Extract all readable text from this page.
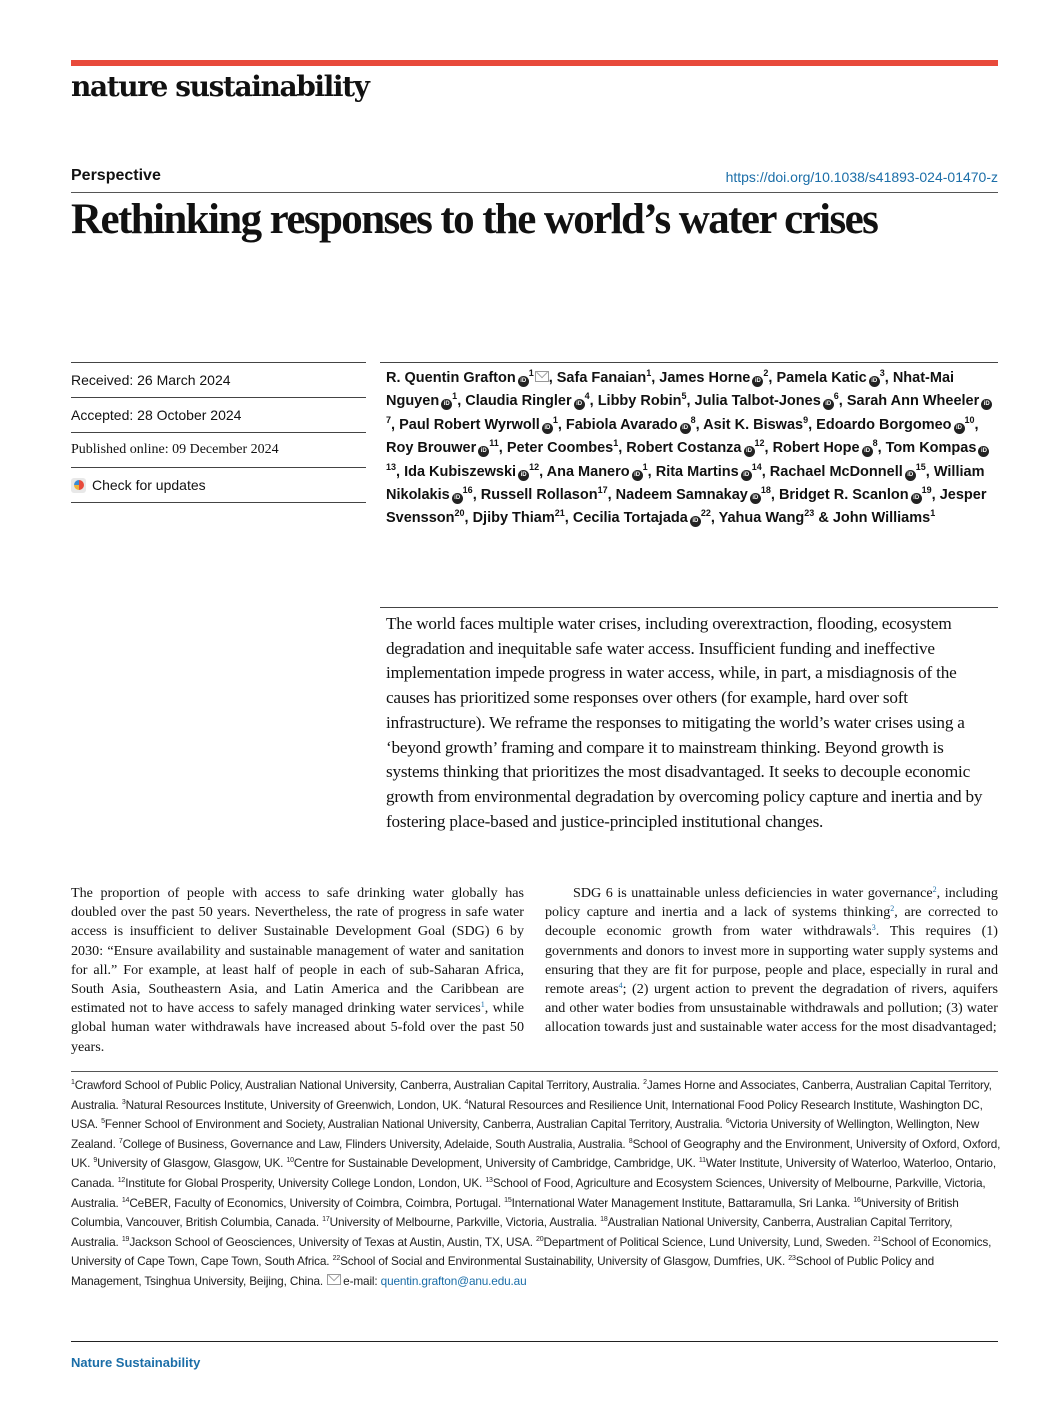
nature sustainability
Perspective	https://doi.org/10.1038/s41893-024-01470-z
Rethinking responses to the world’s water crises
Received: 26 March 2024
Accepted: 28 October 2024
Published online: 09 December 2024
Check for updates
R. Quentin Grafton $iD^1$ , Safa Fanaian$^1$, James Horne $iD^2$, Pamela Katic $iD^3$, Nhat-Mai Nguyen $iD^1$, Claudia Ringler $iD^4$, Libby Robin$^5$, Julia Talbot-Jones $iD^6$, Sarah Ann Wheeler $iD^7$, Paul Robert Wyrwoll $iD^1$, Fabiola Avarado $iD^8$, Asit K. Biswas$^9$, Edoardo Borgomeo $iD^{10}$, Roy Brouwer $iD^{11}$, Peter Coombes$^1$, Robert Costanza $iD^{12}$, Robert Hope $iD^8$, Tom Kompas $iD^{13}$, Ida Kubiszewski $iD^{12}$, Ana Manero $iD^1$, Rita Martins $iD^{14}$, Rachael McDonnell $iD^{15}$, William Nikolakis $iD^{16}$, Russell Rollason$^{17}$, Nadeem Samnakay $iD^{18}$, Bridget R. Scanlon $iD^{19}$, Jesper Svensson$^{20}$, Djiby Thiam$^{21}$, Cecilia Tortajada $iD^{22}$, Yahua Wang$^{23}$ & John Williams$^1$
The world faces multiple water crises, including overextraction, flooding, ecosystem degradation and inequitable safe water access. Insufficient funding and ineffective implementation impede progress in water access, while, in part, a misdiagnosis of the causes has prioritized some responses over others (for example, hard over soft infrastructure). We reframe the responses to mitigating the world’s water crises using a ‘beyond growth’ framing and compare it to mainstream thinking. Beyond growth is systems thinking that prioritizes the most disadvantaged. It seeks to decouple economic growth from environmental degradation by overcoming policy capture and inertia and by fostering place-based and justice-principled institutional changes.
The proportion of people with access to safe drinking water globally has doubled over the past 50 years. Nevertheless, the rate of progress in safe water access is insufficient to deliver Sustainable Development Goal (SDG) 6 by 2030: “Ensure availability and sustainable management of water and sanitation for all.” For example, at least half of people in each of sub-Saharan Africa, South Asia, Southeastern Asia, and Latin America and the Caribbean are estimated not to have access to safely managed drinking water services$^1$, while global human water withdrawals have increased about 5-fold over the past 50 years.
SDG 6 is unattainable unless deficiencies in water governance$^2$, including policy capture and inertia and a lack of systems thinking$^2$, are corrected to decouple economic growth from water withdrawals$^3$. This requires (1) governments and donors to invest more in supporting water supply systems and ensuring that they are fit for purpose, people and place, especially in rural and remote areas$^4$; (2) urgent action to prevent the degradation of rivers, aquifers and other water bodies from unsustainable withdrawals and pollution; (3) water allocation towards just and sustainable water access for the most disadvantaged;
$^1$Crawford School of Public Policy, Australian National University, Canberra, Australian Capital Territory, Australia. $^2$James Horne and Associates, Canberra, Australian Capital Territory, Australia. $^3$Natural Resources Institute, University of Greenwich, London, UK. $^4$Natural Resources and Resilience Unit, International Food Policy Research Institute, Washington DC, USA. $^5$Fenner School of Environment and Society, Australian National University, Canberra, Australian Capital Territory, Australia. $^6$Victoria University of Wellington, Wellington, New Zealand. $^7$College of Business, Governance and Law, Flinders University, Adelaide, South Australia, Australia. $^8$School of Geography and the Environment, University of Oxford, Oxford, UK. $^9$University of Glasgow, Glasgow, UK. $^{10}$Centre for Sustainable Development, University of Cambridge, Cambridge, UK. $^{11}$Water Institute, University of Waterloo, Waterloo, Ontario, Canada. $^{12}$Institute for Global Prosperity, University College London, London, UK. $^{13}$School of Food, Agriculture and Ecosystem Sciences, University of Melbourne, Parkville, Victoria, Australia. $^{14}$CeBER, Faculty of Economics, University of Coimbra, Coimbra, Portugal. $^{15}$International Water Management Institute, Battaramulla, Sri Lanka. $^{16}$University of British Columbia, Vancouver, British Columbia, Canada. $^{17}$University of Melbourne, Parkville, Victoria, Australia. $^{18}$Australian National University, Canberra, Australian Capital Territory, Australia. $^{19}$Jackson School of Geosciences, University of Texas at Austin, Austin, TX, USA. $^{20}$Department of Political Science, Lund University, Lund, Sweden. $^{21}$School of Economics, University of Cape Town, Cape Town, South Africa. $^{22}$School of Social and Environmental Sustainability, University of Glasgow, Dumfries, UK. $^{23}$School of Public Policy and Management, Tsinghua University, Beijing, China. e-mail: quentin.grafton@anu.edu.au
Nature Sustainability
